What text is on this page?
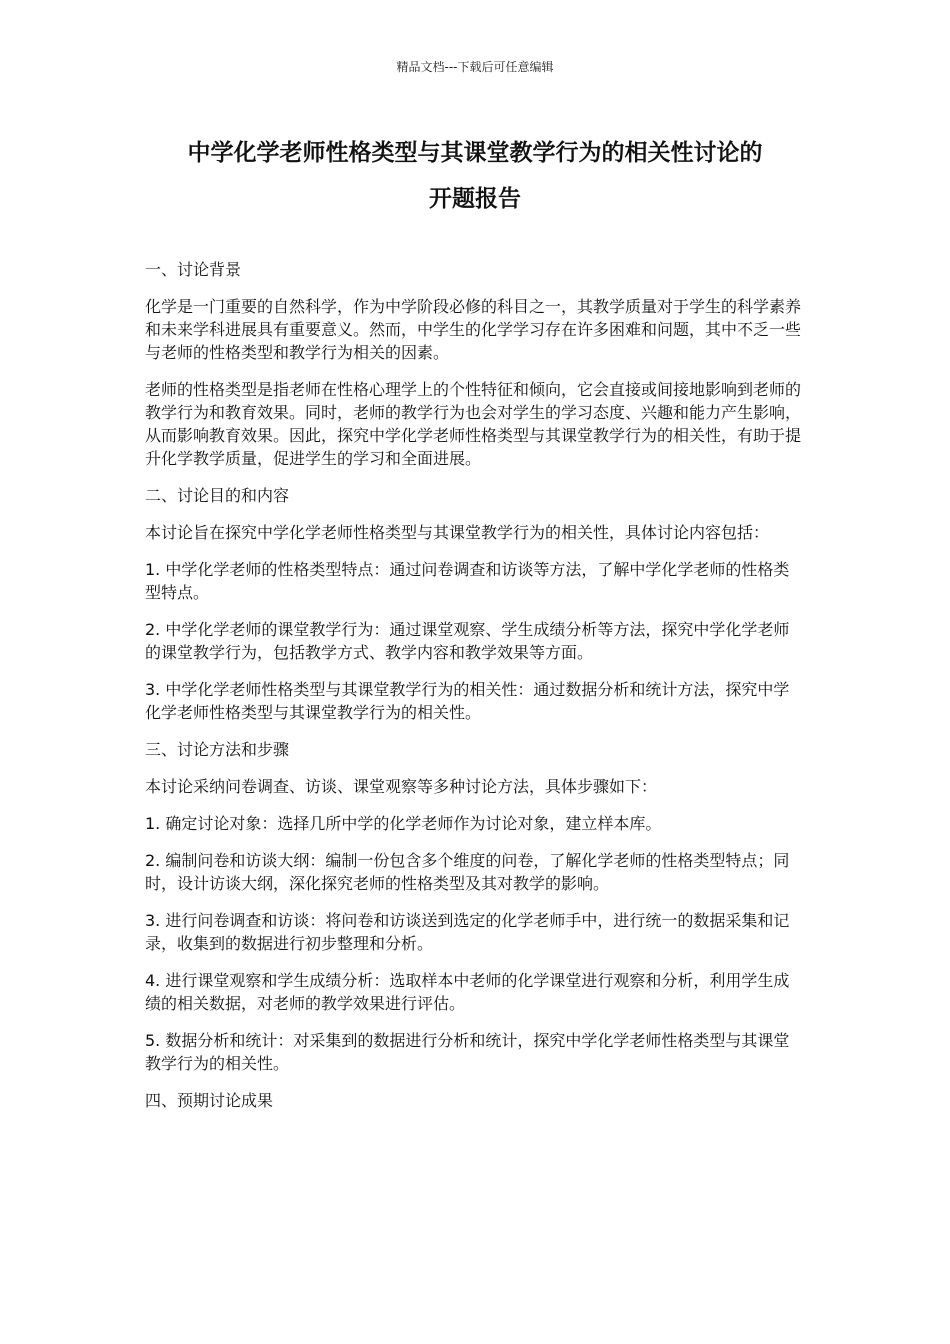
精品文档---下载后可任意编辑
中学化学老师性格类型与其课堂教学行为的相关性讨论的
开题报告

一、讨论背景

化学是一门重要的自然科学，作为中学阶段必修的科目之一，其教学质量对于学生的科学素养和未来学科进展具有重要意义。然而，中学生的化学学习存在许多困难和问题，其中不乏一些与老师的性格类型和教学行为相关的因素。

老师的性格类型是指老师在性格心理学上的个性特征和倾向，它会直接或间接地影响到老师的教学行为和教育效果。同时，老师的教学行为也会对学生的学习态度、兴趣和能力产生影响，从而影响教育效果。因此，探究中学化学老师性格类型与其课堂教学行为的相关性，有助于提升化学教学质量，促进学生的学习和全面进展。

二、讨论目的和内容

本讨论旨在探究中学化学老师性格类型与其课堂教学行为的相关性，具体讨论内容包括：

1. 中学化学老师的性格类型特点：通过问卷调查和访谈等方法，了解中学化学老师的性格类型特点。

2. 中学化学老师的课堂教学行为：通过课堂观察、学生成绩分析等方法，探究中学化学老师的课堂教学行为，包括教学方式、教学内容和教学效果等方面。

3. 中学化学老师性格类型与其课堂教学行为的相关性：通过数据分析和统计方法，探究中学化学老师性格类型与其课堂教学行为的相关性。

三、讨论方法和步骤

本讨论采纳问卷调查、访谈、课堂观察等多种讨论方法，具体步骤如下：

1. 确定讨论对象：选择几所中学的化学老师作为讨论对象，建立样本库。

2. 编制问卷和访谈大纲：编制一份包含多个维度的问卷，了解化学老师的性格类型特点；同时，设计访谈大纲，深化探究老师的性格类型及其对教学的影响。

3. 进行问卷调查和访谈：将问卷和访谈送到选定的化学老师手中，进行统一的数据采集和记录，收集到的数据进行初步整理和分析。

4. 进行课堂观察和学生成绩分析：选取样本中老师的化学课堂进行观察和分析，利用学生成绩的相关数据，对老师的教学效果进行评估。

5. 数据分析和统计：对采集到的数据进行分析和统计，探究中学化学老师性格类型与其课堂教学行为的相关性。

四、预期讨论成果
